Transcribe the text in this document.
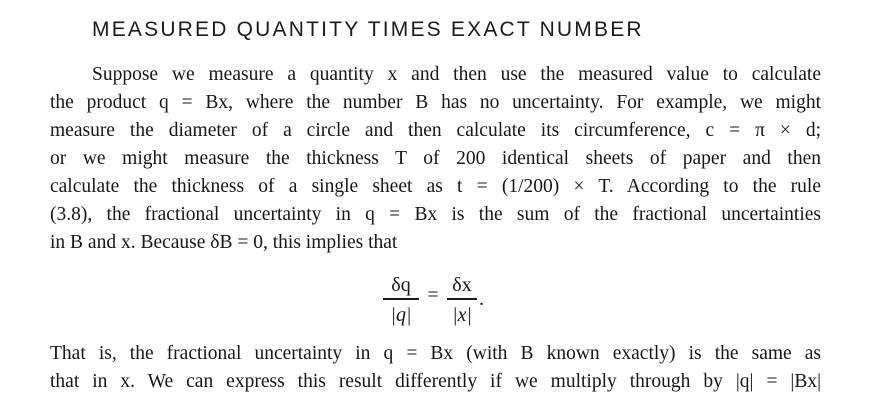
MEASURED QUANTITY TIMES EXACT NUMBER

Suppose we measure a quantity x and then use the measured value to calculate

the product q = Bx, where the number B has no uncertainty. For example, we might

measure the diameter of a circle and then calculate its circumference, c = π × d;

or we might measure the thickness T of 200 identical sheets of paper and then

calculate the thickness of a single sheet as t = (1/200) × T. According to the rule

(3.8), the fractional uncertainty in q = Bx is the sum of the fractional uncertainties

in B and x. Because δB = 0, this implies that

δq
|q|
= δx
|x|
.

That is, the fractional uncertainty in q = Bx (with B known exactly) is the same as

that in x. We can express this result differently if we multiply through by |q| = |Bx|
